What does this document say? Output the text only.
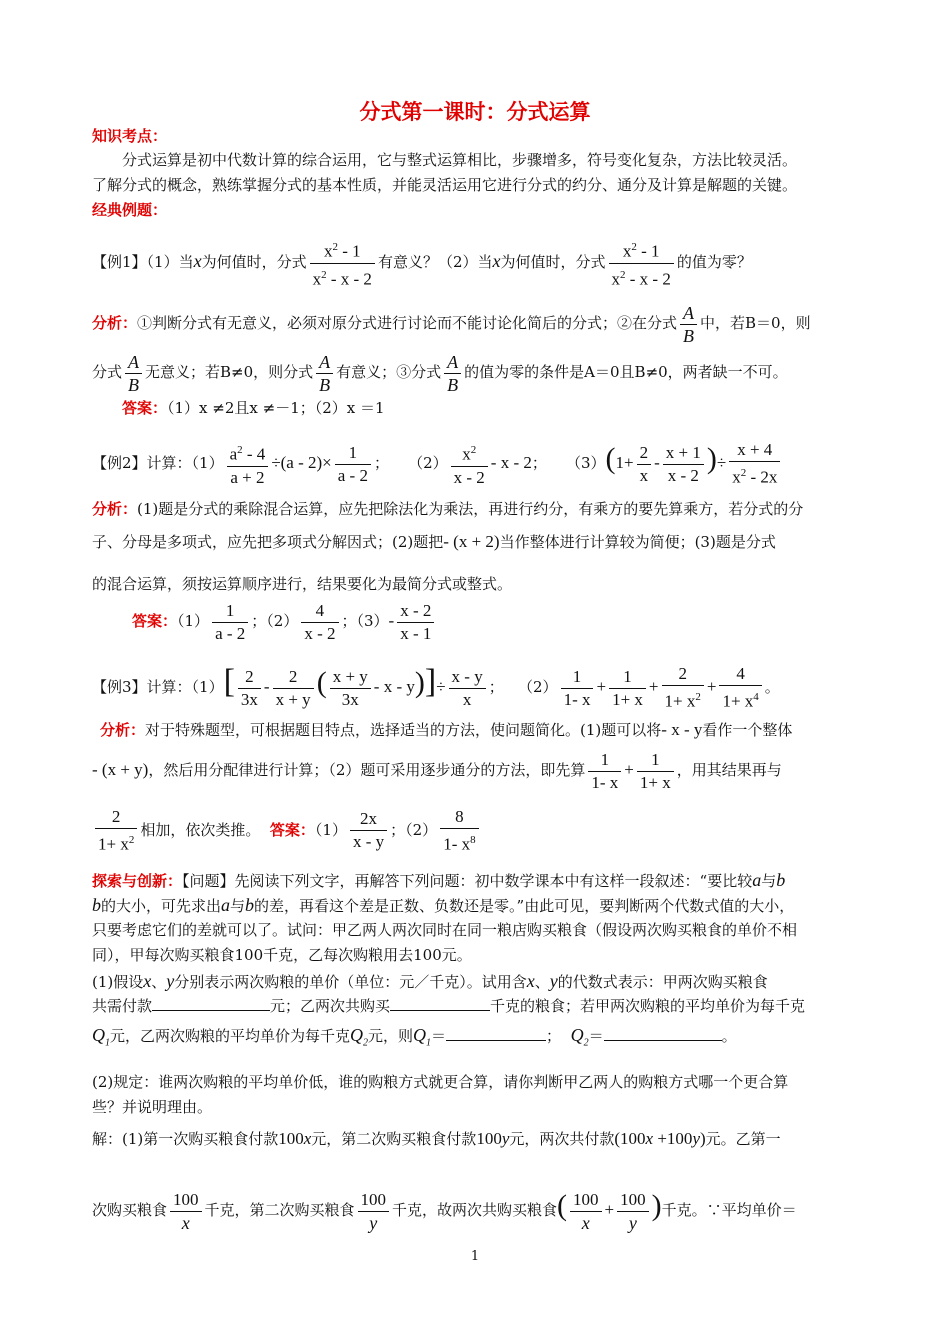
分式第一课时：分式运算
知识考点：
分式运算是初中代数计算的综合运用，它与整式运算相比，步骤增多，符号变化复杂，方法比较灵活。
了解分式的概念，熟练掌握分式的基本性质，并能灵活运用它进行分式的约分、通分及计算是解题的关键。
经典例题：
【例1】（1）当x为何值时，分式 $\frac{x^2 - 1}{x^2 - x - 2}$ 有意义？（2）当x为何值时，分式 $\frac{x^2 - 1}{x^2 - x - 2}$ 的值为零？
分析：①判断分式有无意义，必须对原分式进行讨论而不能讨论化简后的分式；②在分式 $\frac{A}{B}$ 中，若B＝0，则
分式 $\frac{A}{B}$ 无意义；若B≠0，则分式 $\frac{A}{B}$ 有意义；③分式 $\frac{A}{B}$ 的值为零的条件是A＝0且B≠0，两者缺一不可。
答案：（1）x ≠2且x ≠－1；（2）x ＝1
【例2】计算：$(1) \frac{a^2 - 4}{a + 2} \div(a - 2)\times \frac{1}{a - 2}$ ；    $(2) \frac{x^2}{x - 2}$ - x - 2；    $(3)(1+ \frac{2}{x} - \frac{x + 1}{x - 2}$ )÷ $\frac{x + 4}{x^2 - 2x}$
分析：(1)题是分式的乘除混合运算，应先把除法化为乘法，再进行约分，有乘方的要先算乘方，若分式的分
子、分母是多项式，应先把多项式分解因式；(2)题把- (x + 2)当作整体进行计算较为简便；(3)题是分式
的混合运算，须按运算顺序进行，结果要化为最简分式或整式。
答案：$(1) \frac{1}{a - 2}$ ；$(2) \frac{4}{x - 2}$ ；$(3)- \frac{x - 2}{x - 1}$
【例3】计算：$(1)[ \frac{2}{3x} - \frac{2}{x + y}$ ( $\frac{x + y}{3x} - x - y)]\div \frac{x - y}{x}$ ；   $(2) \frac{1}{1- x} + \frac{1}{1+ x} + \frac{2}{1+ x^2} + \frac{4}{1+ x^4}$ 。
分析：对于特殊题型，可根据题目特点，选择适当的方法，使问题简化。(1)题可以将- x - y看作一个整体
- (x + y)，然后用分配律进行计算；（2）题可采用逐步通分的方法，即先算 $\frac{1}{1- x} + \frac{1}{1+ x}$ ，用其结果再与
$\frac{2}{1+ x^2}$ 相加，依次类推。 答案：$(1) \frac{2x}{x - y}$ ；$(2) \frac{8}{1- x^8}$
探索与创新：【问题】先阅读下列文字，再解答下列问题：初中数学课本中有这样一段叙述：“要比较a与b
b的大小，可先求出a与b的差，再看这个差是正数、负数还是零。”由此可见，要判断两个代数式值的大小，
只要考虑它们的差就可以了。试问：甲乙两人两次同时在同一粮店购买粮食（假设两次购买粮食的单价不相
同），甲每次购买粮食100千克，乙每次购粮用去100元。
(1)假设x、y分别表示两次购粮的单价（单位：元／千克）。试用含x、y的代数式表示：甲两次购买粮食
共需付款	元；乙两次共购买	千克的粮食；若甲两次购粮的平均单价为每千克
$Q_1$元，乙两次购粮的平均单价为每千克$Q_2$元，则$Q_1=$	； $Q_2=$	。
(2)规定：谁两次购粮的平均单价低，谁的购粮方式就更合算，请你判断甲乙两人的购粮方式哪一个更合算
些？并说明理由。
解：(1)第一次购买粮食付款100x元，第二次购买粮食付款100y元，两次共付款(100x +100y)元。乙第一
次购买粮食 $\frac{100}{x}$ 千克，第二次购买粮食 $\frac{100}{y}$ 千克，故两次共购买粮食( $\frac{100}{x} + \frac{100}{y}$ )千克。∵平均单价＝
1
